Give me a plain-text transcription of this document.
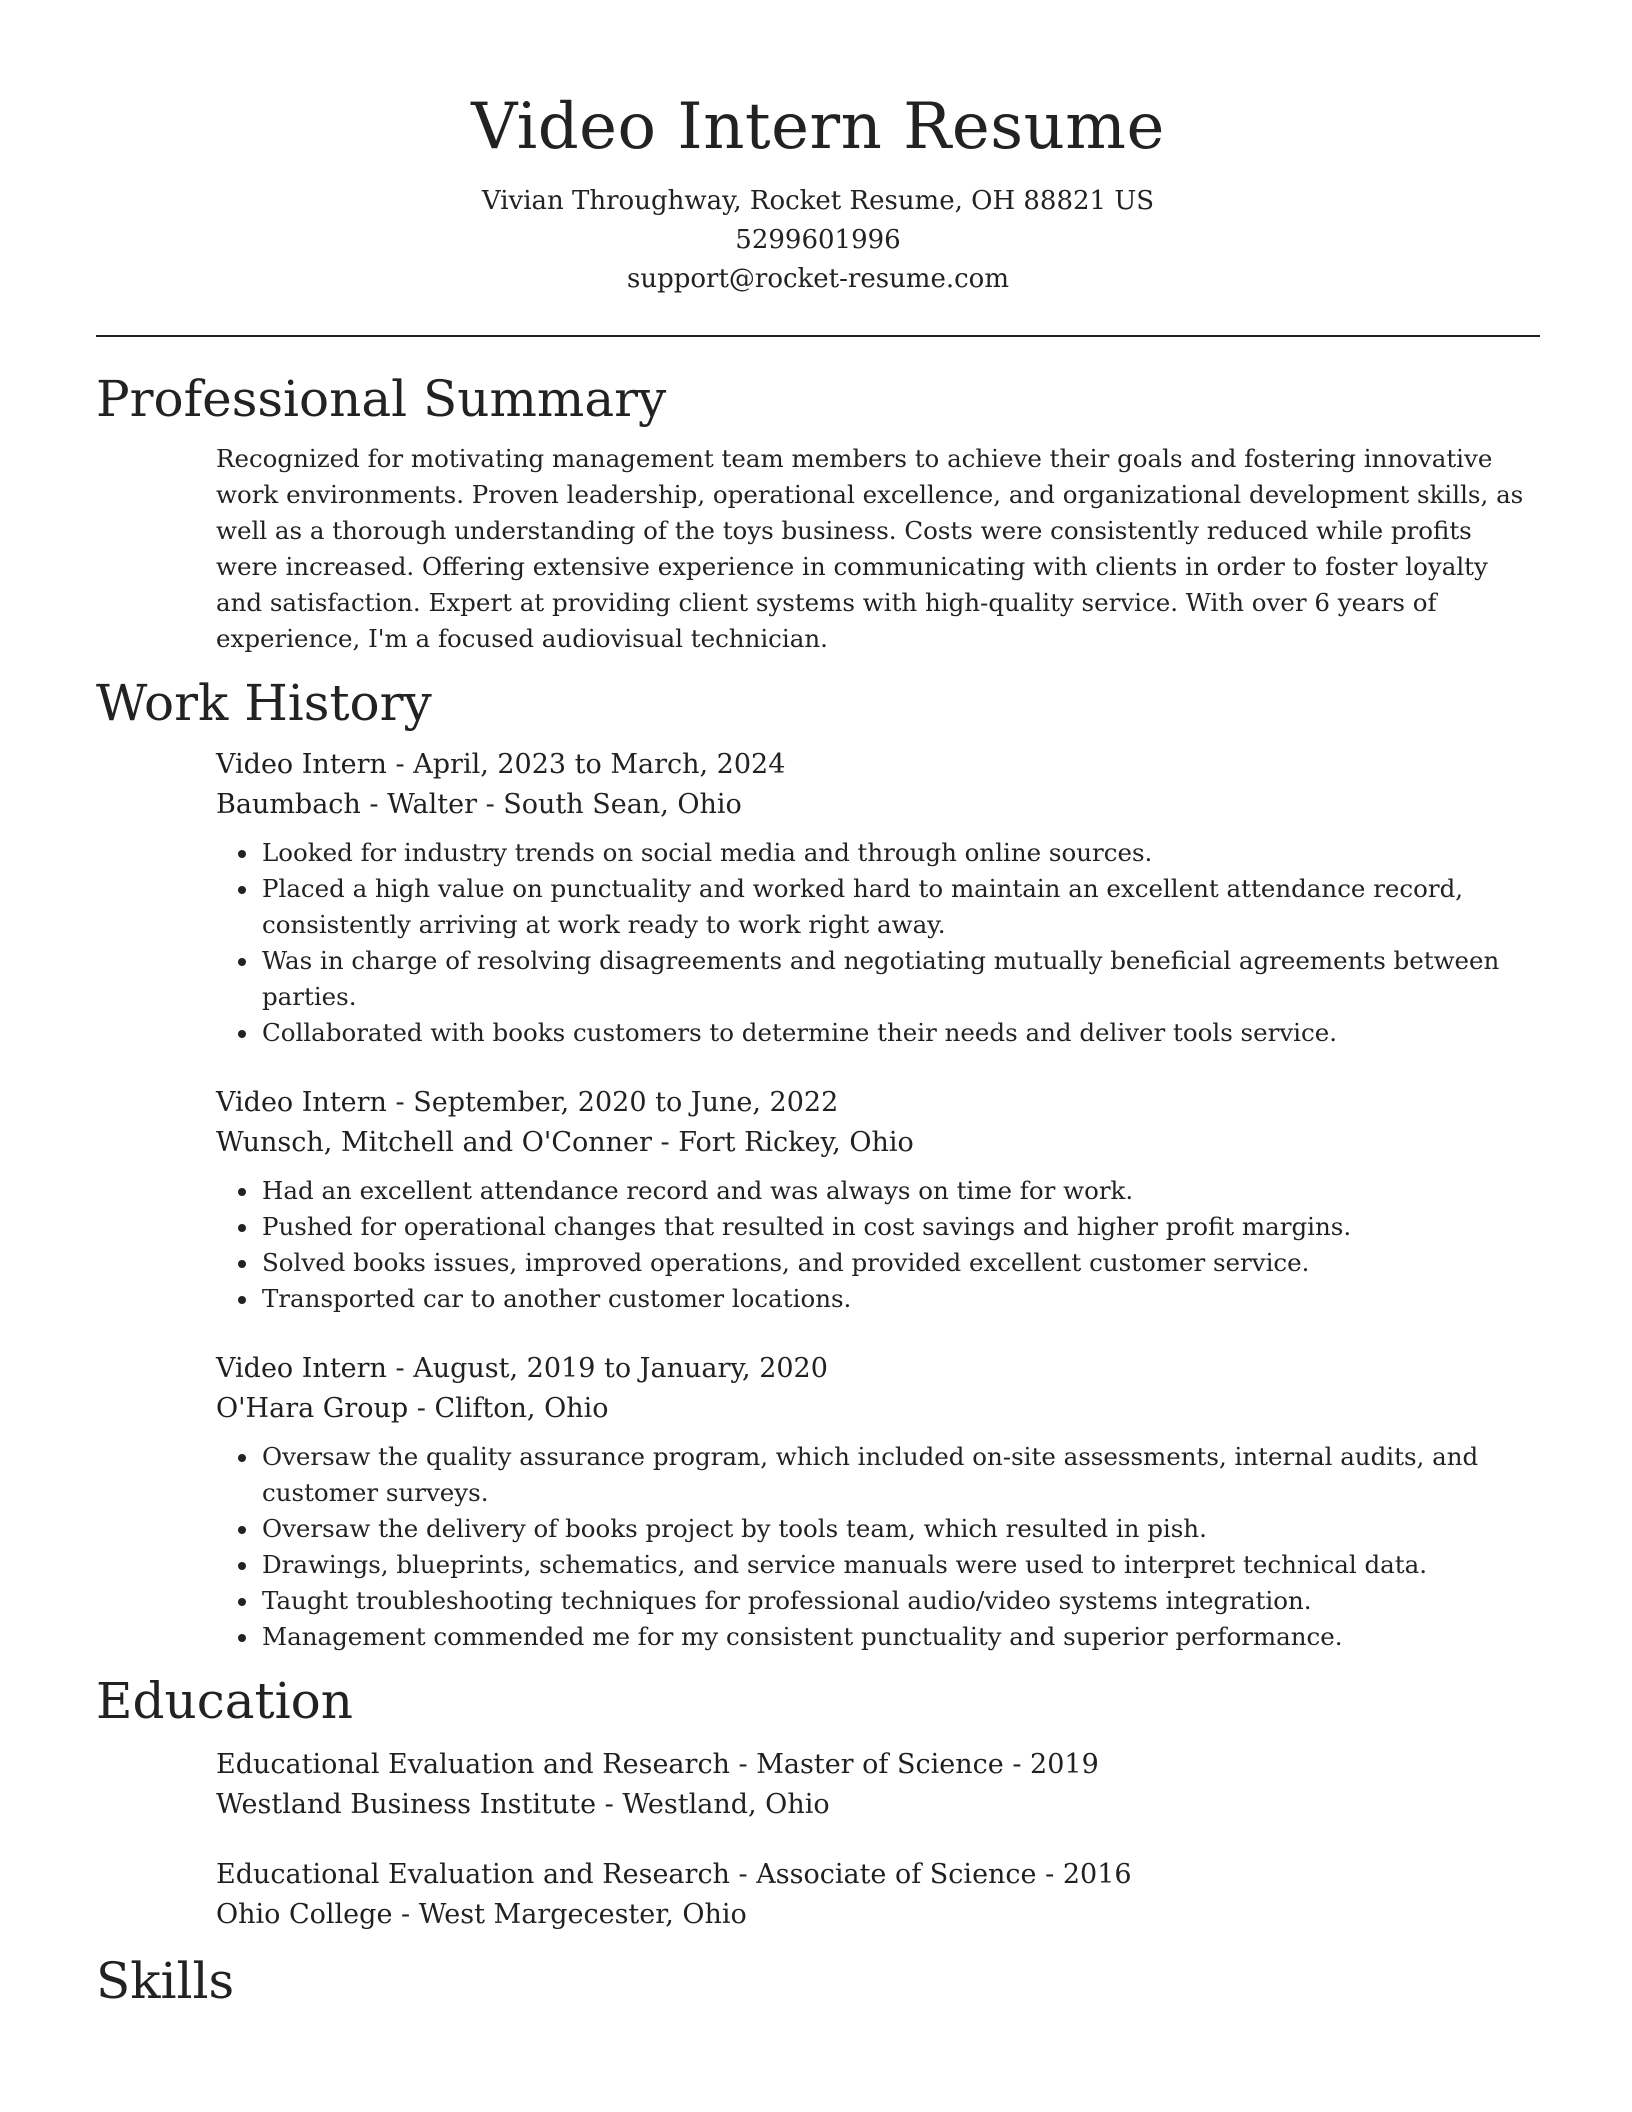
Video Intern Resume

Vivian Throughway, Rocket Resume, OH 88821 US

5299601996

support@rocket-resume.com

Professional Summary

Recognized for motivating management team members to achieve their goals and fostering innovative work environments. Proven leadership, operational excellence, and organizational development skills, as well as a thorough understanding of the toys business. Costs were consistently reduced while profits were increased. Offering extensive experience in communicating with clients in order to foster loyalty and satisfaction. Expert at providing client systems with high-quality service. With over 6 years of experience, I'm a focused audiovisual technician.

Work History

Video Intern - April, 2023 to March, 2024

Baumbach - Walter - South Sean, Ohio

• Looked for industry trends on social media and through online sources.
• Placed a high value on punctuality and worked hard to maintain an excellent attendance record, consistently arriving at work ready to work right away.
• Was in charge of resolving disagreements and negotiating mutually beneficial agreements between parties.
• Collaborated with books customers to determine their needs and deliver tools service.

Video Intern - September, 2020 to June, 2022

Wunsch, Mitchell and O'Conner - Fort Rickey, Ohio

• Had an excellent attendance record and was always on time for work.
• Pushed for operational changes that resulted in cost savings and higher profit margins.
• Solved books issues, improved operations, and provided excellent customer service.
• Transported car to another customer locations.

Video Intern - August, 2019 to January, 2020

O'Hara Group - Clifton, Ohio

• Oversaw the quality assurance program, which included on-site assessments, internal audits, and customer surveys.
• Oversaw the delivery of books project by tools team, which resulted in pish.
• Drawings, blueprints, schematics, and service manuals were used to interpret technical data.
• Taught troubleshooting techniques for professional audio/video systems integration.
• Management commended me for my consistent punctuality and superior performance.
Education

Educational Evaluation and Research - Master of Science - 2019

Westland Business Institute - Westland, Ohio

Educational Evaluation and Research - Associate of Science - 2016

Ohio College - West Margecester, Ohio

Skills
